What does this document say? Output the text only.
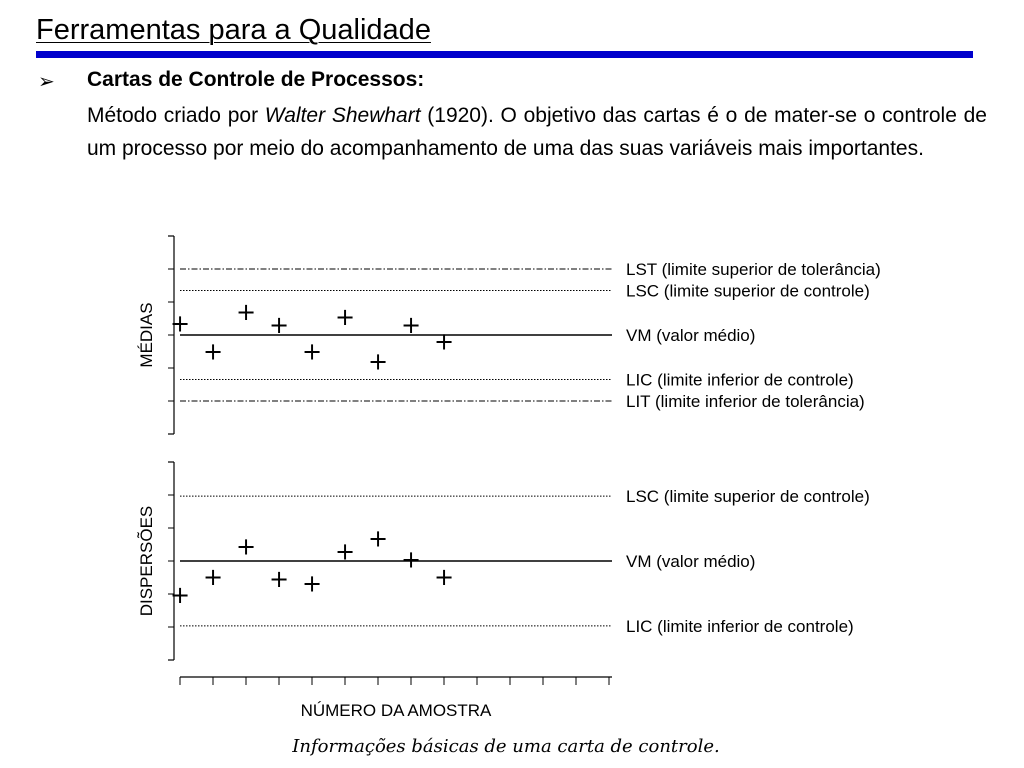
Ferramentas para a Qualidade
➢ Cartas de Controle de Processos:
Método criado por Walter Shewhart (1920). O objetivo das cartas é o de mater-se o controle de um processo por meio do acompanhamento de uma das suas variáveis mais importantes.
MÉDIAS
LST (limite superior de tolerância)
LSC (limite superior de controle)
VM (valor médio)
LIC (limite inferior de controle)
LIT (limite inferior de tolerância)
+
+
+ +
+
+
+
+
+
DISPERSÕES
LSC (limite superior de controle)
VM (valor médio)
LIC (limite inferior de controle)
+
+
+
+ +
+ +
+
+
NÚMERO DA AMOSTRA
Informações básicas de uma carta de controle.
